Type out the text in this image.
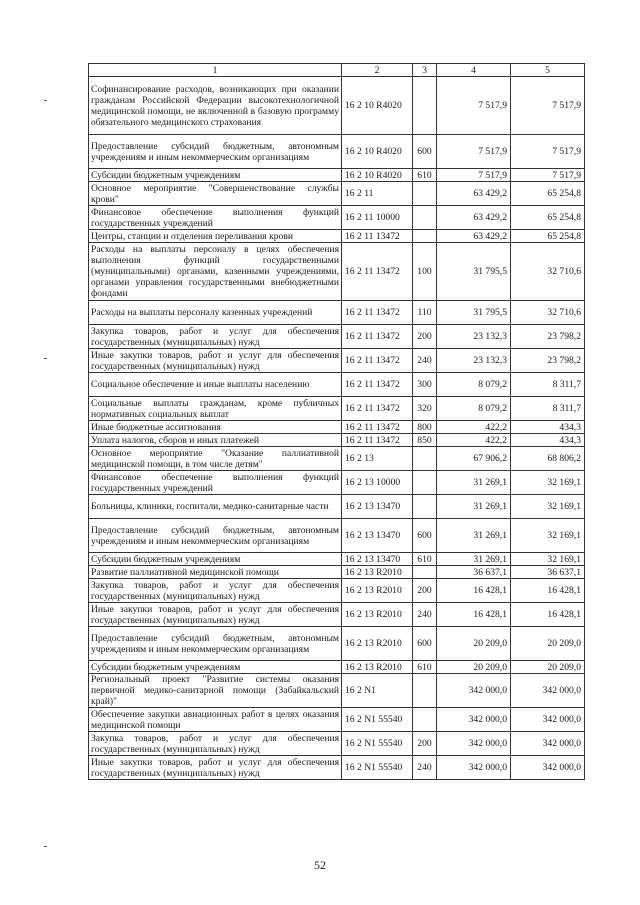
1	2	3	4	5
Софинансирование расходов, возникающих при оказании гражданам Российской Федерации высокотехнологичной медицинской помощи, не включенной в базовую программу обязательного медицинского страхования	16 2 10 R4020		7 517,9	7 517,9
Предоставление субсидий бюджетным, автономным учреждениям и иным некоммерческим организациям	16 2 10 R4020	600	7 517,9	7 517,9
Субсидии бюджетным учреждениям	16 2 10 R4020	610	7 517,9	7 517,9
Основное мероприятие "Совершенствование службы крови"	16 2 11		63 429,2	65 254,8
Финансовое обеспечение выполнения функций государственных учреждений	16 2 11 10000		63 429,2	65 254,8
Центры, станции и отделения переливания крови	16 2 11 13472		63 429,2	65 254,8
Расходы на выплаты персоналу в целях обеспечения выполнения функций государственными (муниципальными) органами, казенными учреждениями, органами управления государственными внебюджетными фондами	16 2 11 13472	100	31 795,5	32 710,6
Расходы на выплаты персоналу казенных учреждений	16 2 11 13472	110	31 795,5	32 710,6
Закупка товаров, работ и услуг для обеспечения государственных (муниципальных) нужд	16 2 11 13472	200	23 132,3	23 798,2
Иные закупки товаров, работ и услуг для обеспечения государственных (муниципальных) нужд	16 2 11 13472	240	23 132,3	23 798,2
Социальное обеспечение и иные выплаты населению	16 2 11 13472	300	8 079,2	8 311,7
Социальные выплаты гражданам, кроме публичных нормативных социальных выплат	16 2 11 13472	320	8 079,2	8 311,7
Иные бюджетные ассигнования	16 2 11 13472	800	422,2	434,3
Уплата налогов, сборов и иных платежей	16 2 11 13472	850	422,2	434,3
Основное мероприятие "Оказание паллиативной медицинской помощи, в том числе детям"	16 2 13		67 906,2	68 806,2
Финансовое обеспечение выполнения функций государственных учреждений	16 2 13 10000		31 269,1	32 169,1
Больницы, клиники, госпитали, медико-санитарные части	16 2 13 13470		31 269,1	32 169,1
Предоставление субсидий бюджетным, автономным учреждениям и иным некоммерческим организациям	16 2 13 13470	600	31 269,1	32 169,1
Субсидии бюджетным учреждениям	16 2 13 13470	610	31 269,1	32 169,1
Развитие паллиативной медицинской помощи	16 2 13 R2010		36 637,1	36 637,1
Закупка товаров, работ и услуг для обеспечения государственных (муниципальных) нужд	16 2 13 R2010	200	16 428,1	16 428,1
Иные закупки товаров, работ и услуг для обеспечения государственных (муниципальных) нужд	16 2 13 R2010	240	16 428,1	16 428,1
Предоставление субсидий бюджетным, автономным учреждениям и иным некоммерческим организациям	16 2 13 R2010	600	20 209,0	20 209,0
Субсидии бюджетным учреждениям	16 2 13 R2010	610	20 209,0	20 209,0
Региональный проект "Развитие системы оказания первичной медико-санитарной помощи (Забайкальский край)"	16 2 N1		342 000,0	342 000,0
Обеспечение закупки авиационных работ в целях оказания медицинской помощи	16 2 N1 55540		342 000,0	342 000,0
Закупка товаров, работ и услуг для обеспечения государственных (муниципальных) нужд	16 2 N1 55540	200	342 000,0	342 000,0
Иные закупки товаров, работ и услуг для обеспечения государственных (муниципальных) нужд	16 2 N1 55540	240	342 000,0	342 000,0
52
